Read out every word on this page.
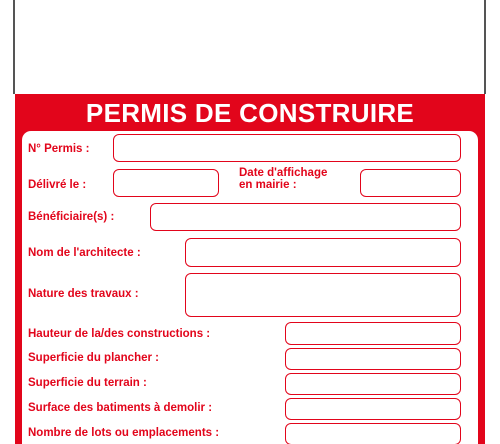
PERMIS DE CONSTRUIRE
N° Permis :
Délivré le :
Date d'affichage
en mairie :
Bénéficiaire(s) :
Nom de l'architecte :
Nature des travaux :
Hauteur de la/des constructions :
Superficie du plancher :
Superficie du terrain :
Surface des batiments à demolir :
Nombre de lots ou emplacements :
